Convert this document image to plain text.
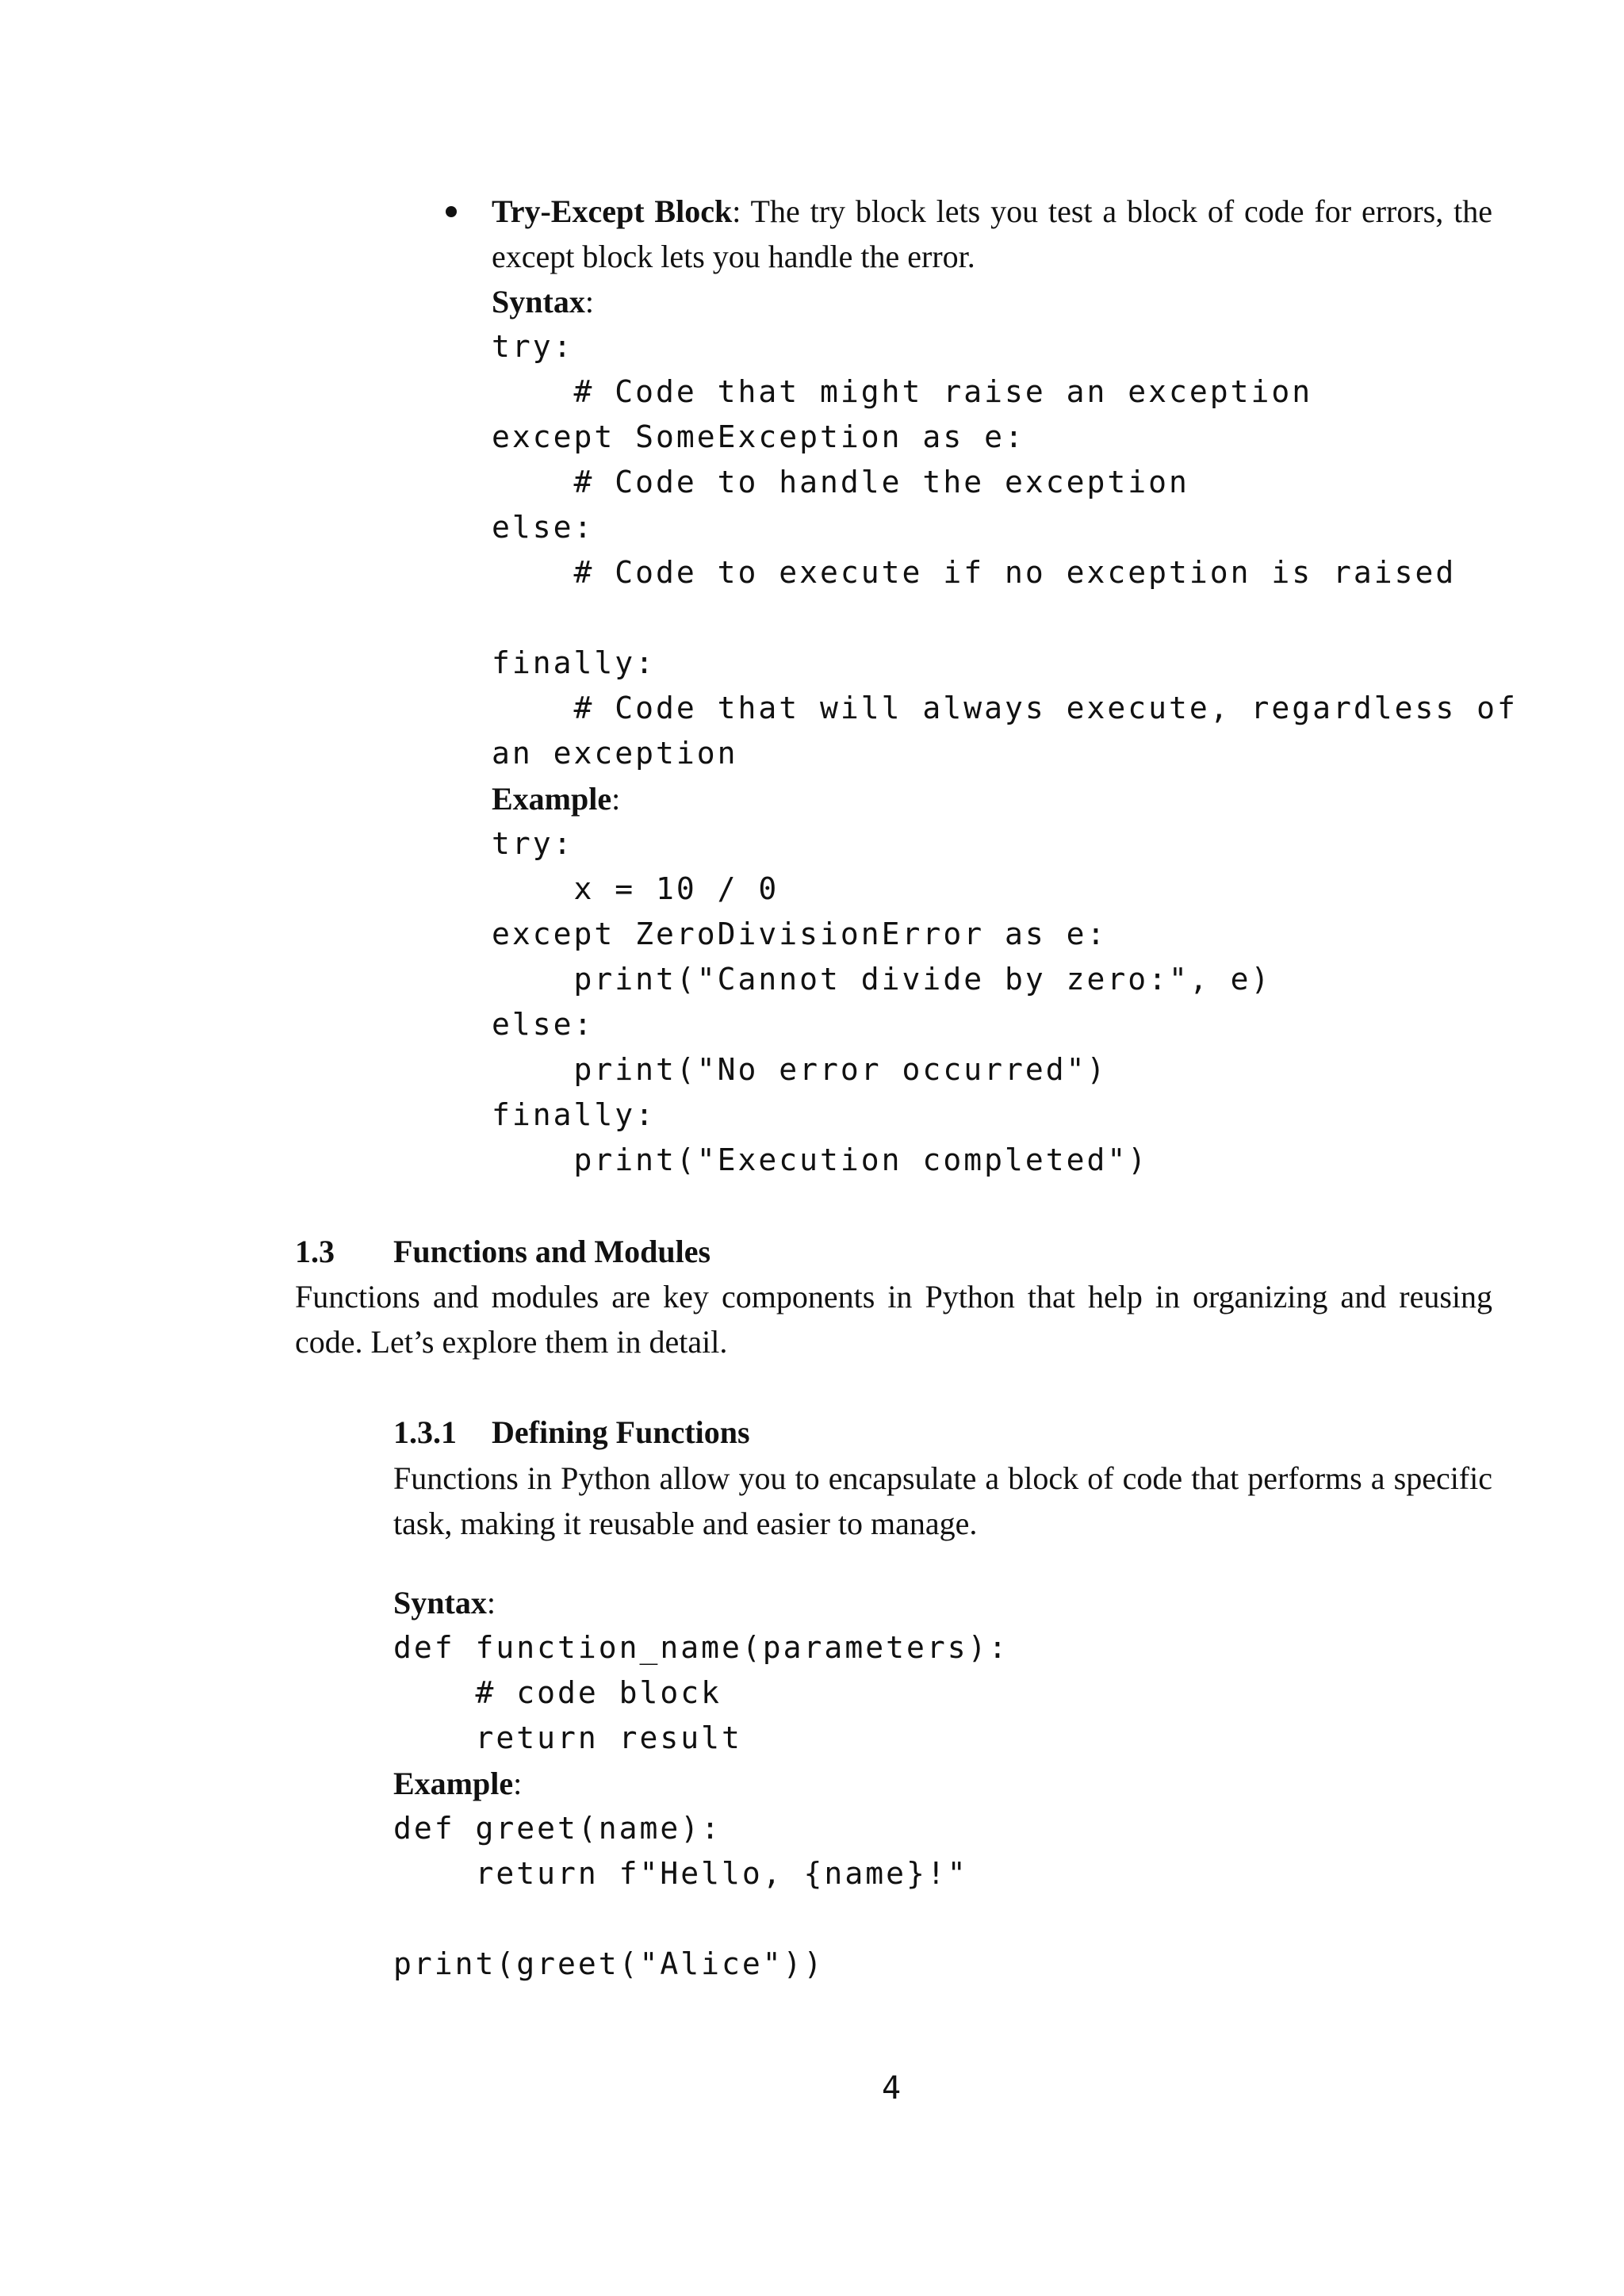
Try-Except Block: The try block lets you test a block of code for errors, the except block lets you handle the error.

Syntax:

try:
# Code that might raise an exception
except SomeException as e:
# Code to handle the exception
else:
# Code to execute if no exception is raised

finally:
# Code that will always execute, regardless of
an exception

Example:

try:
x = 10 / 0
except ZeroDivisionError as e:
print("Cannot divide by zero:", e)
else:
print("No error occurred")
finally:
print("Execution completed")

1.3 Functions and Modules

Functions and modules are key components in Python that help in organizing and reusing code. Let’s explore them in detail.

1.3.1 Defining Functions

Functions in Python allow you to encapsulate a block of code that performs a specific task, making it reusable and easier to manage.

Syntax:

def function_name(parameters):
# code block
return result

Example:

def greet(name):
return f"Hello, {name}!"

print(greet("Alice"))
4
